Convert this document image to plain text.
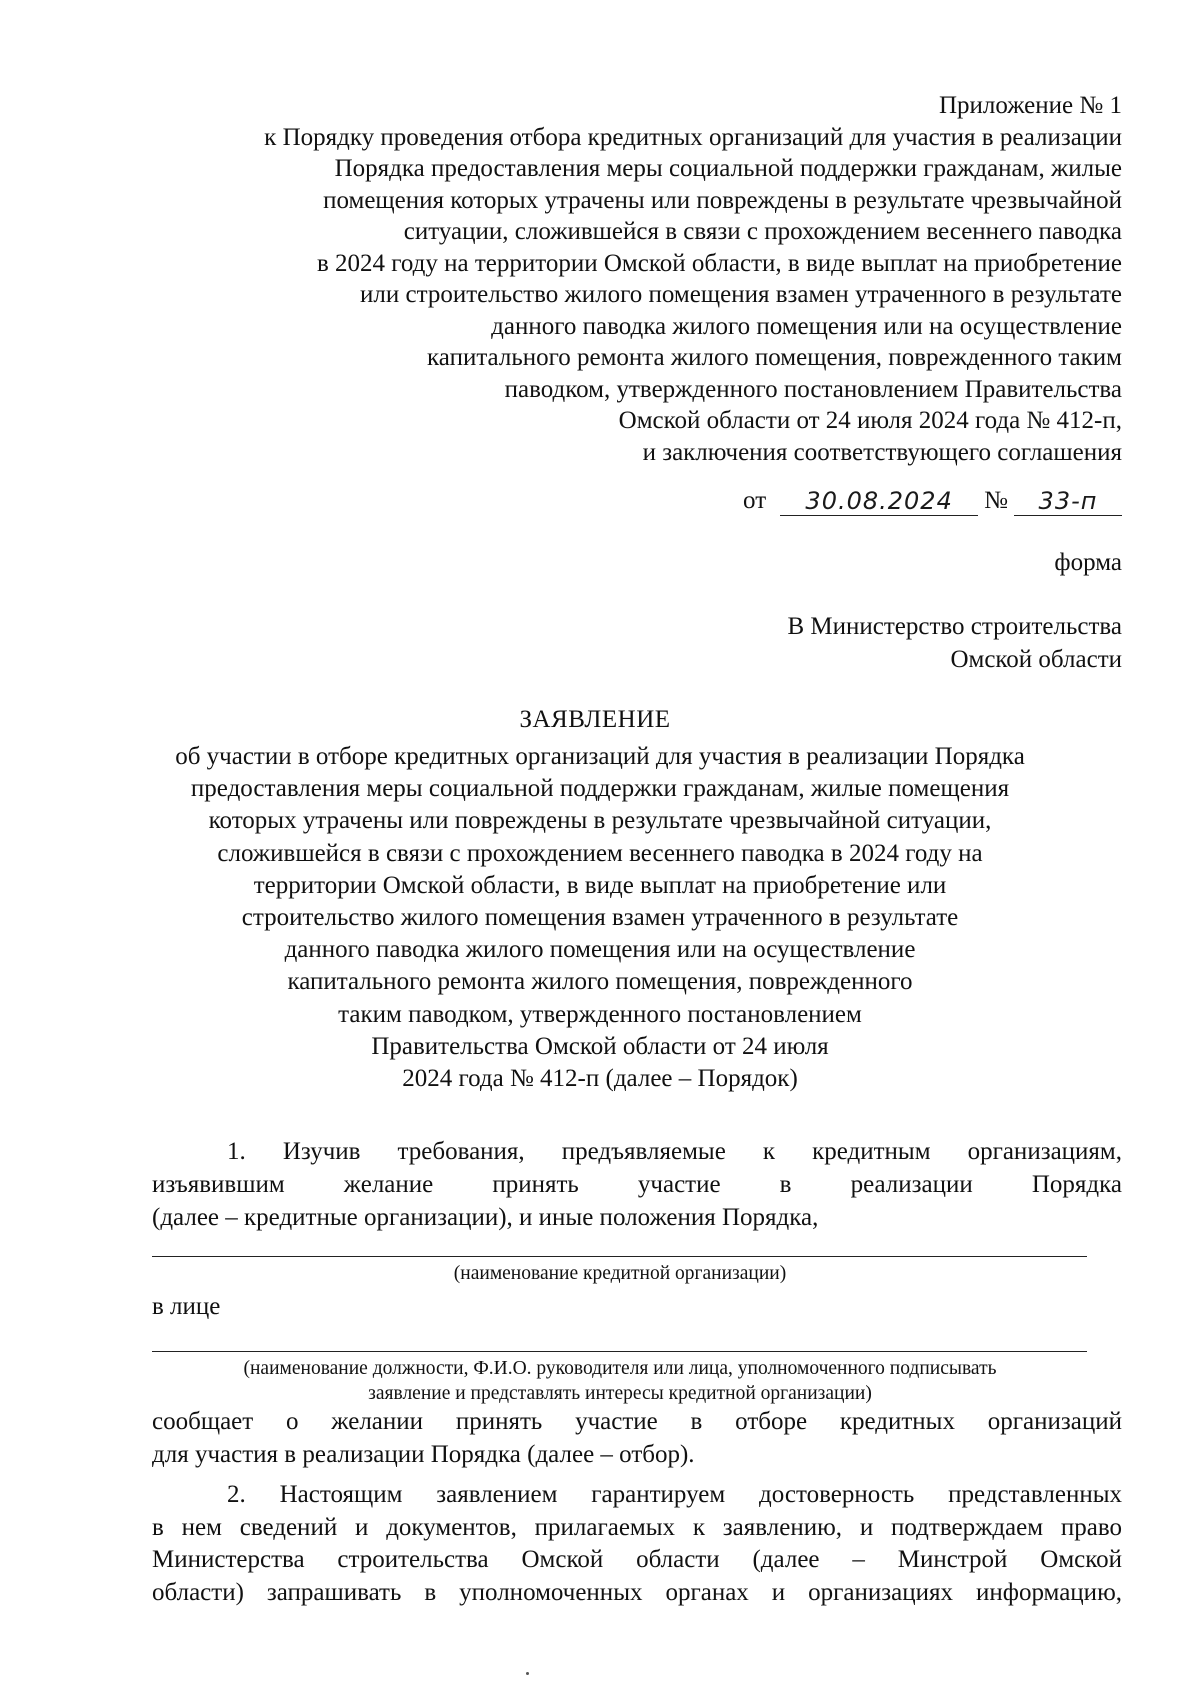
Приложение № 1
к Порядку проведения отбора кредитных организаций для участия в реализации
Порядка предоставления меры социальной поддержки гражданам, жилые
помещения которых утрачены или повреждены в результате чрезвычайной
ситуации, сложившейся в связи с прохождением весеннего паводка
в 2024 году на территории Омской области, в виде выплат на приобретение
или строительство жилого помещения взамен утраченного в результате
данного паводка жилого помещения или на осуществление
капитального ремонта жилого помещения, поврежденного таким
паводком, утвержденного постановлением Правительства
Омской области от 24 июля 2024 года № 412-п,
и заключения соответствующего соглашения
от	30.08.2024	№	33-п
форма
В Министерство строительства
Омской области
ЗАЯВЛЕНИЕ
об участии в отборе кредитных организаций для участия в реализации Порядка
предоставления меры социальной поддержки гражданам, жилые помещения
которых утрачены или повреждены в результате чрезвычайной ситуации,
сложившейся в связи с прохождением весеннего паводка в 2024 году на
территории Омской области, в виде выплат на приобретение или
строительство жилого помещения взамен утраченного в результате
данного паводка жилого помещения или на осуществление
капитального ремонта жилого помещения, поврежденного
таким паводком, утвержденного постановлением
Правительства Омской области от 24 июля
2024 года № 412-п (далее – Порядок)
1. Изучив требования, предъявляемые к кредитным организациям,
изъявившим желание принять участие в реализации Порядка
(далее – кредитные организации), и иные положения Порядка,
(наименование кредитной организации)
в лице
(наименование должности, Ф.И.О. руководителя или лица, уполномоченного подписывать
заявление и представлять интересы кредитной организации)
сообщает о желании принять участие в отборе кредитных организаций
для участия в реализации Порядка (далее – отбор).
2. Настоящим заявлением гарантируем достоверность представленных
в нем сведений и документов, прилагаемых к заявлению, и подтверждаем право
Министерства строительства Омской области (далее – Минстрой Омской
области) запрашивать в уполномоченных органах и организациях информацию,
